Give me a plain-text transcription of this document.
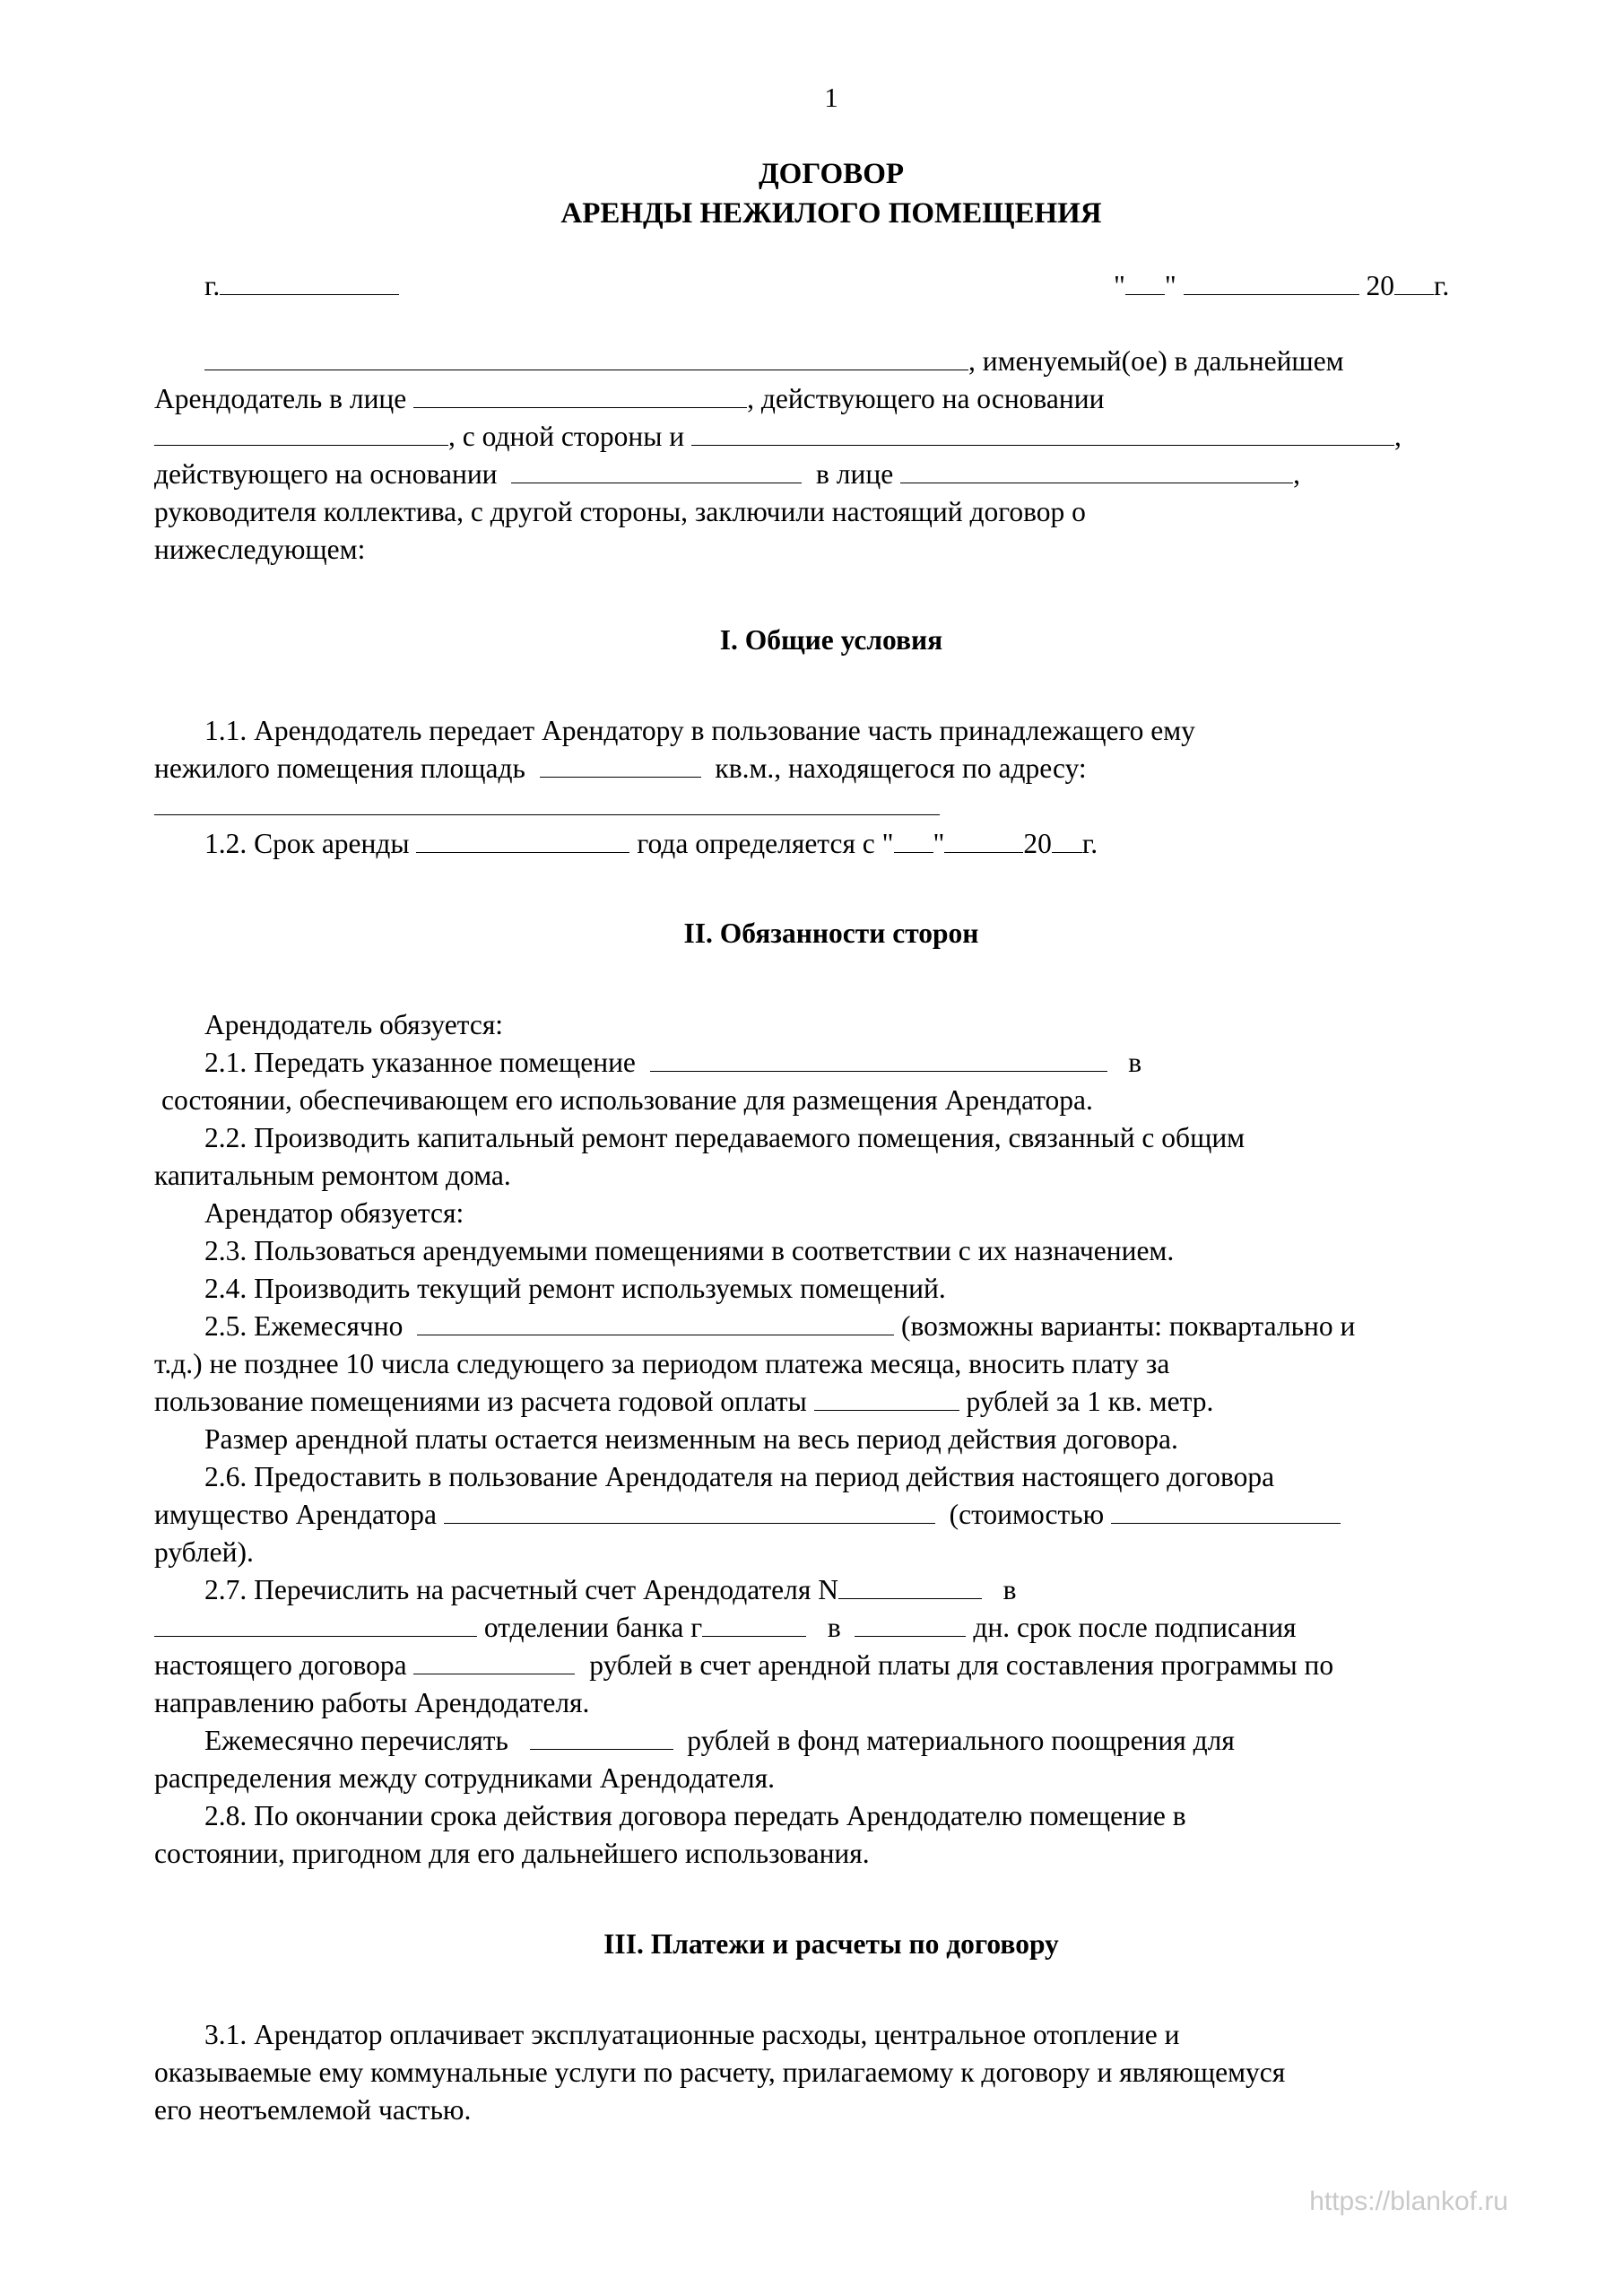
1
ДОГОВОР
АРЕНДЫ НЕЖИЛОГО ПОМЕЩЕНИЯ
г.	" "	20 г.
, именуемый(ое) в дальнейшем
Арендодатель в лице	, действующего на основании
, с одной стороны и	,
действующего на основании	в лице	,
руководителя коллектива, с другой стороны, заключили настоящий договор о
нижеследующем:
I. Общие условия
1.1. Арендодатель передает Арендатору в пользование часть принадлежащего ему
нежилого помещения площадь	кв.м., находящегося по адресу:
1.2. Срок аренды	года определяется с " "	20 г.
II. Обязанности сторон
Арендодатель обязуется:
2.1. Передать указанное помещение	в
состоянии, обеспечивающем его использование для размещения Арендатора.
2.2. Производить капитальный ремонт передаваемого помещения, связанный с общим
капитальным ремонтом дома.
Арендатор обязуется:
2.3. Пользоваться арендуемыми помещениями в соответствии с их назначением.
2.4. Производить текущий ремонт используемых помещений.
2.5. Ежемесячно	(возможны варианты: поквартально и
т.д.) не позднее 10 числа следующего за периодом платежа месяца, вносить плату за
пользование помещениями из расчета годовой оплаты	рублей за 1 кв. метр.
Размер арендной платы остается неизменным на весь период действия договора.
2.6. Предоставить в пользование Арендодателя на период действия настоящего договора
имущество Арендатора	(стоимостью
рублей).
2.7. Перечислить на расчетный счет Арендодателя N	в
отделении банка г	в	дн. срок после подписания
настоящего договора	рублей в счет арендной платы для составления программы по
направлению работы Арендодателя.
Ежемесячно перечислять	рублей в фонд материального поощрения для
распределения между сотрудниками Арендодателя.
2.8. По окончании срока действия договора передать Арендодателю помещение в
состоянии, пригодном для его дальнейшего использования.
III. Платежи и расчеты по договору
3.1. Арендатор оплачивает эксплуатационные расходы, центральное отопление и
оказываемые ему коммунальные услуги по расчету, прилагаемому к договору и являющемуся
его неотъемлемой частью.
https://blankof.ru
